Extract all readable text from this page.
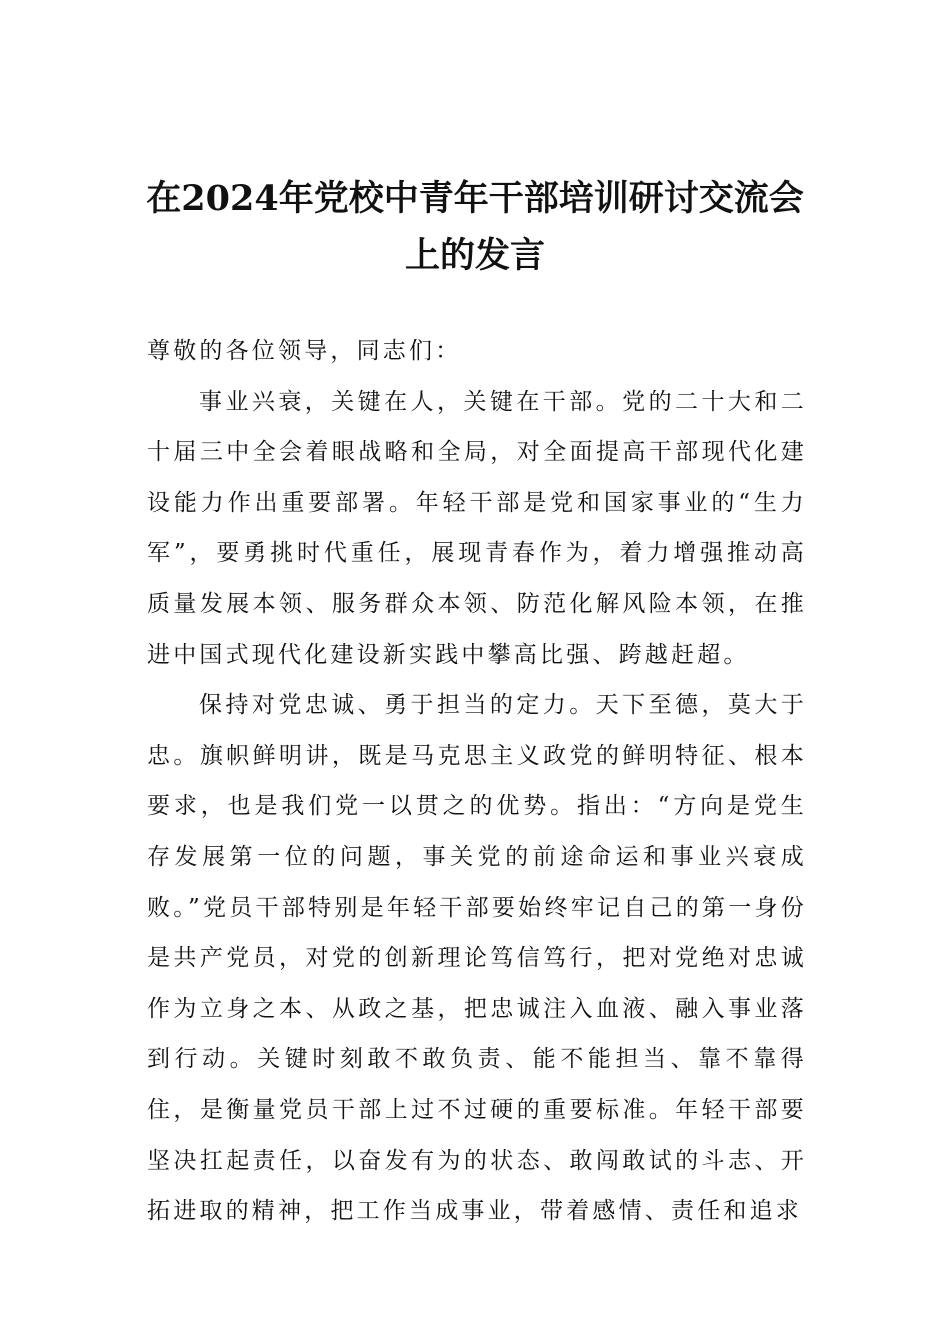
在2024年党校中青年干部培训研讨交流会上的发言

尊敬的各位领导，同志们：

事业兴衰，关键在人，关键在干部。党的二十大和二十届三中全会着眼战略和全局，对全面提高干部现代化建设能力作出重要部署。年轻干部是党和国家事业的“生力军”，要勇挑时代重任，展现青春作为，着力增强推动高质量发展本领、服务群众本领、防范化解风险本领，在推进中国式现代化建设新实践中攀高比强、跨越赶超。

保持对党忠诚、勇于担当的定力。天下至德，莫大于忠。旗帜鲜明讲，既是马克思主义政党的鲜明特征、根本要求，也是我们党一以贯之的优势。指出：“方向是党生存发展第一位的问题，事关党的前途命运和事业兴衰成败。”党员干部特别是年轻干部要始终牢记自己的第一身份是共产党员，对党的创新理论笃信笃行，把对党绝对忠诚作为立身之本、从政之基，把忠诚注入血液、融入事业落到行动。关键时刻敢不敢负责、能不能担当、靠不靠得住，是衡量党员干部上过不过硬的重要标准。年轻干部要坚决扛起责任，以奋发有为的状态、敢闯敢试的斗志、开拓进取的精神，把工作当成事业，带着感情、责任和追求
